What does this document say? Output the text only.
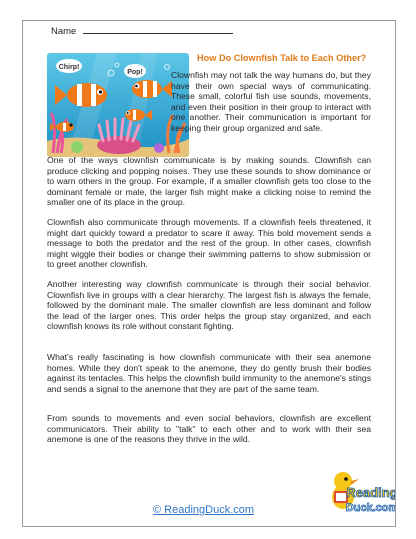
Name
Chirp!
Pop!
How Do Clownfish Talk to Each Other?

Clownfish may not talk the way humans do, but they have their own special ways of communicating. These small, colorful fish use sounds, movements, and even their position in their group to interact with one another. Their communication is important for keeping their group organized and safe.

One of the ways clownfish communicate is by making sounds. Clownfish can produce clicking and popping noises. They use these sounds to show dominance or to warn others in the group. For example, if a smaller clownfish gets too close to the dominant female or male, the larger fish might make a clicking noise to remind the smaller one of its place in the group.

Clownfish also communicate through movements. If a clownfish feels threatened, it might dart quickly toward a predator to scare it away. This bold movement sends a message to both the predator and the rest of the group. In other cases, clownfish might wiggle their bodies or change their swimming patterns to show submission or to greet another clownfish.

Another interesting way clownfish communicate is through their social behavior. Clownfish live in groups with a clear hierarchy. The largest fish is always the female, followed by the dominant male. The smaller clownfish are less dominant and follow the lead of the larger ones. This order helps the group stay organized, and each clownfish knows its role without constant fighting.

What's really fascinating is how clownfish communicate with their sea anemone homes. While they don't speak to the anemone, they do gently brush their bodies against its tentacles. This helps the clownfish build immunity to the anemone's stings and sends a signal to the anemone that they are part of the same team.

From sounds to movements and even social behaviors, clownfish are excellent communicators. Their ability to "talk" to each other and to work with their sea anemone is one of the reasons they thrive in the wild.

© ReadingDuck.com
Reading
Duck.com
